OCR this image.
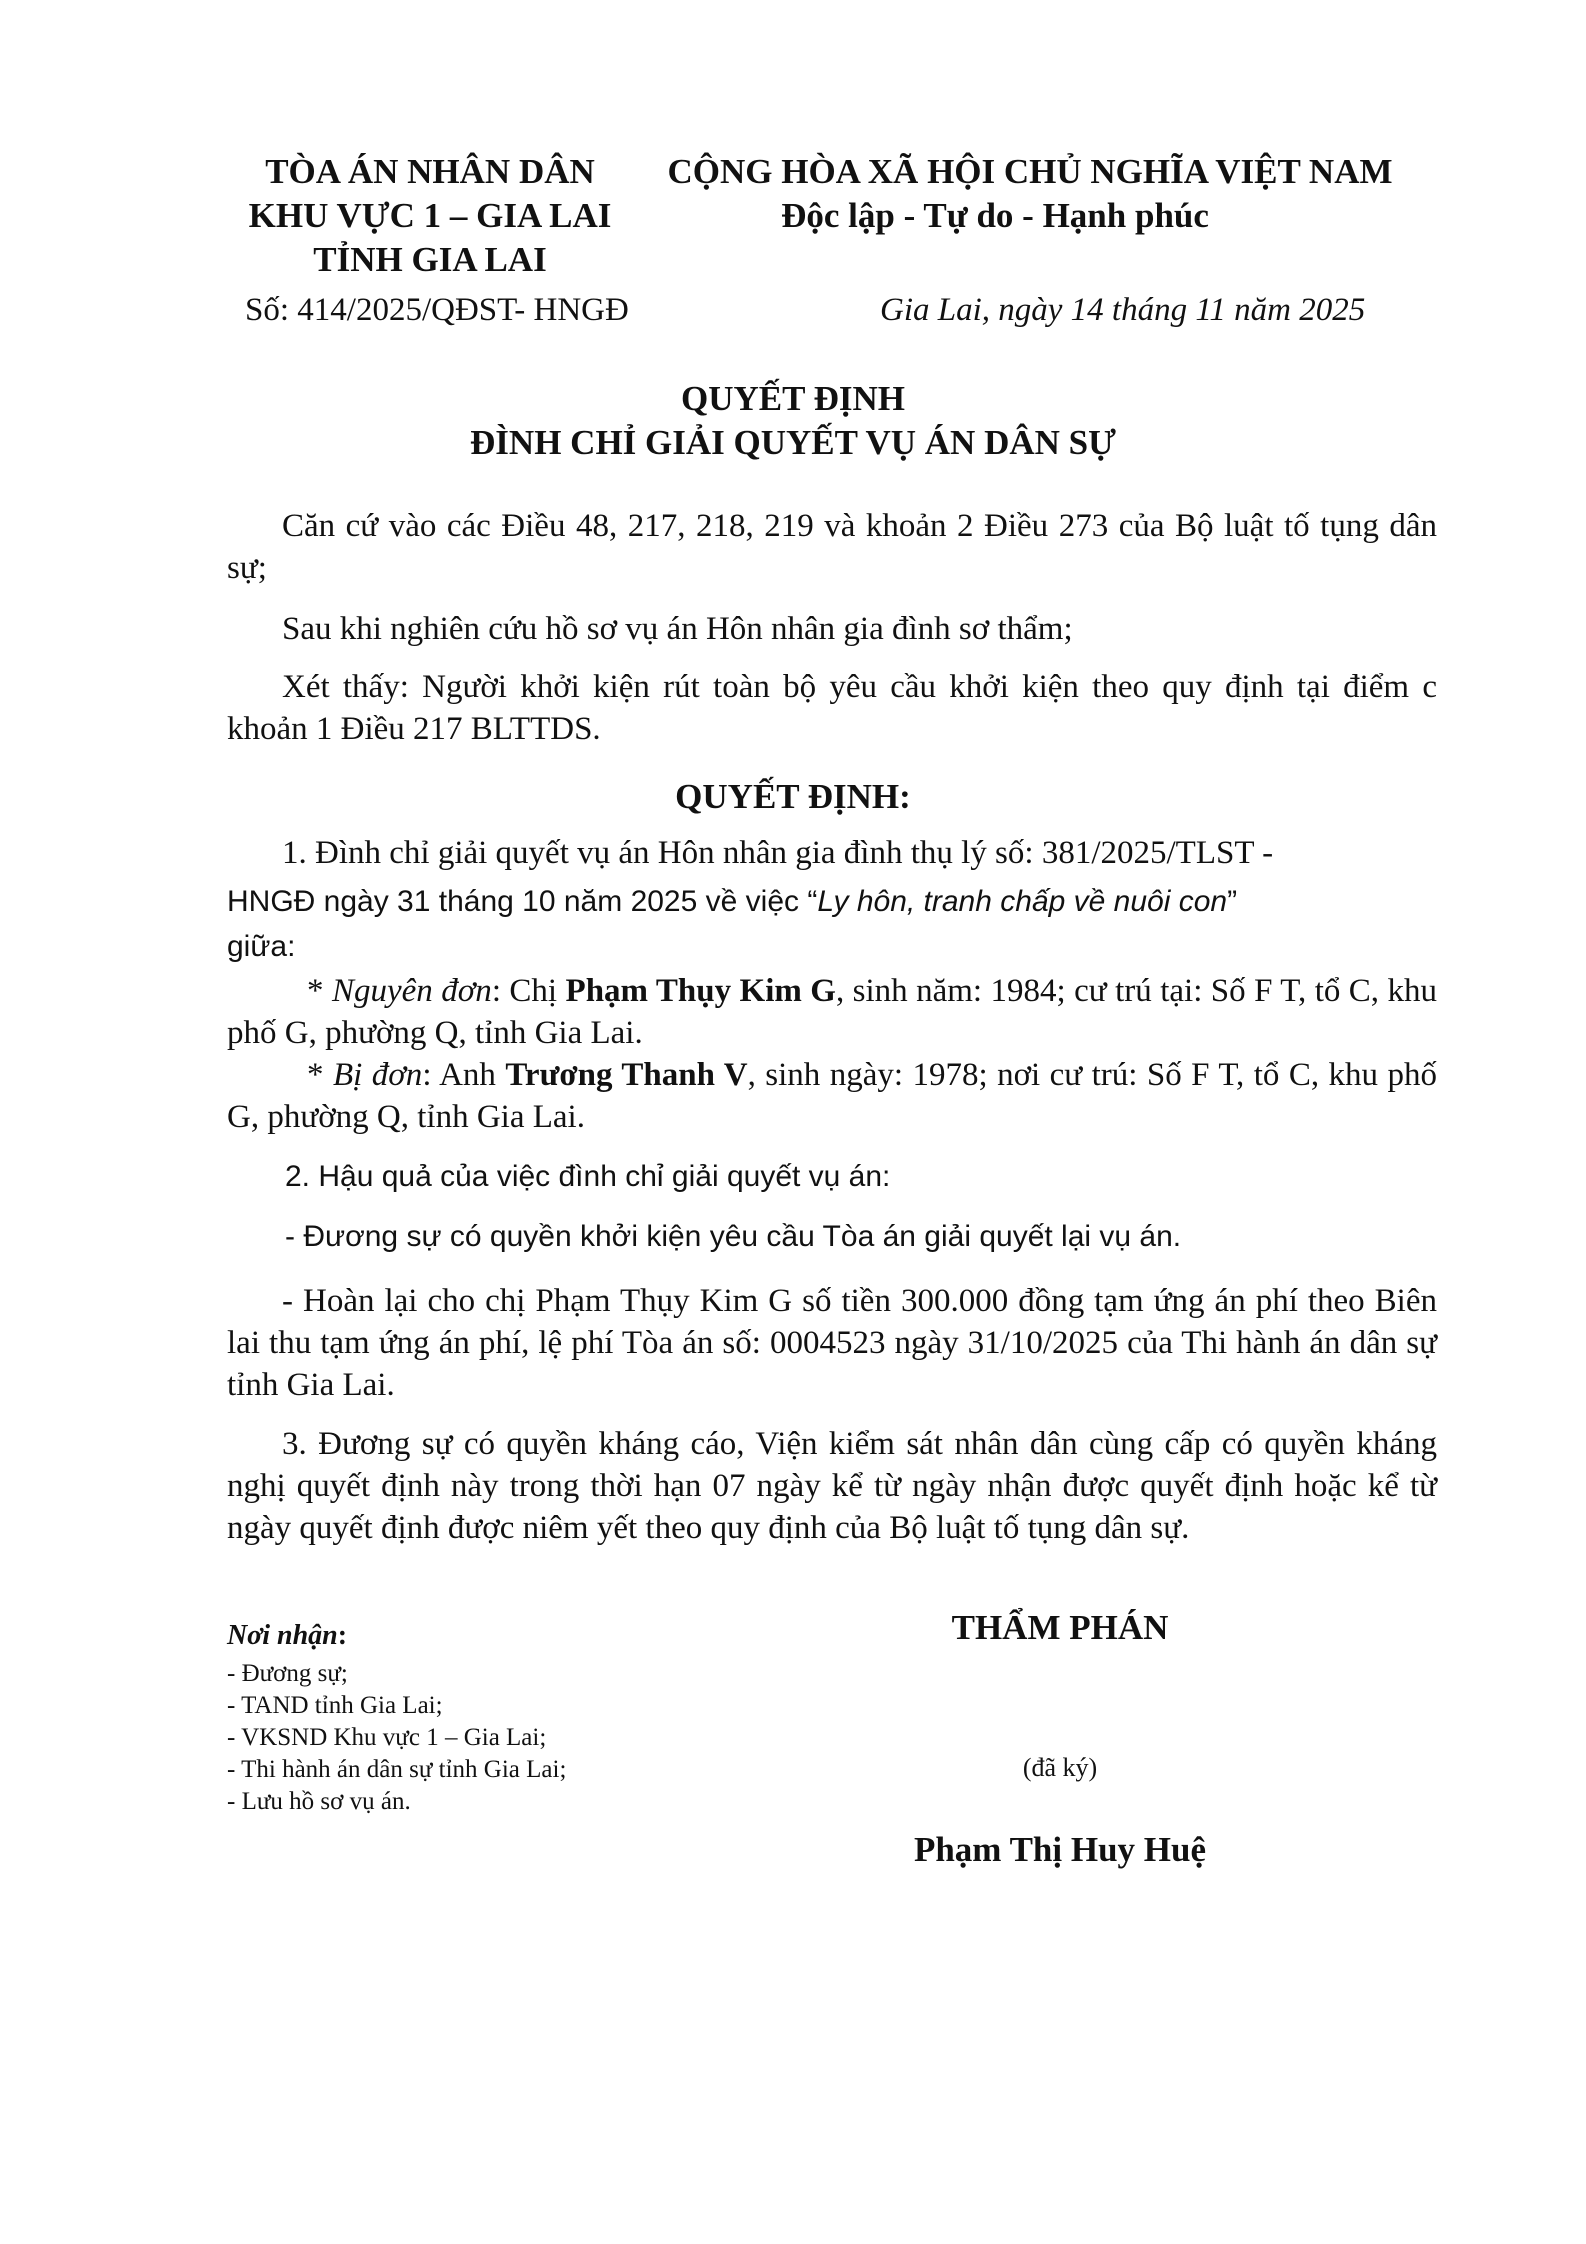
TÒA ÁN NHÂN DÂN
KHU VỰC 1 – GIA LAI
TỈNH GIA LAI
CỘNG HÒA XÃ HỘI CHỦ NGHĨA VIỆT NAM
Độc lập - Tự do - Hạnh phúc
Số: 414/2025/QĐST- HNGĐ	Gia Lai, ngày 14 tháng 11 năm 2025
QUYẾT ĐỊNH
ĐÌNH CHỈ GIẢI QUYẾT VỤ ÁN DÂN SỰ
Căn cứ vào các Điều 48, 217, 218, 219 và khoản 2 Điều 273 của Bộ luật tố tụng dân sự;
Sau khi nghiên cứu hồ sơ vụ án Hôn nhân gia đình sơ thẩm;
Xét thấy: Người khởi kiện rút toàn bộ yêu cầu khởi kiện theo quy định tại điểm c khoản 1 Điều 217 BLTTDS.
QUYẾT ĐỊNH:
1. Đình chỉ giải quyết vụ án Hôn nhân gia đình thụ lý số: 381/2025/TLST -
HNGĐ ngày 31 tháng 10 năm 2025 về việc “Ly hôn, tranh chấp về nuôi con”
giữa:
* Nguyên đơn: Chị Phạm Thụy Kim G, sinh năm: 1984; cư trú tại: Số F T, tổ C, khu phố G, phường Q, tỉnh Gia Lai.
* Bị đơn: Anh Trương Thanh V, sinh ngày: 1978; nơi cư trú: Số F T, tổ C, khu phố G, phường Q, tỉnh Gia Lai.
2. Hậu quả của việc đình chỉ giải quyết vụ án:
- Đương sự có quyền khởi kiện yêu cầu Tòa án giải quyết lại vụ án.
- Hoàn lại cho chị Phạm Thụy Kim G số tiền 300.000 đồng tạm ứng án phí theo Biên lai thu tạm ứng án phí, lệ phí Tòa án số: 0004523 ngày 31/10/2025 của Thi hành án dân sự tỉnh Gia Lai.
3. Đương sự có quyền kháng cáo, Viện kiểm sát nhân dân cùng cấp có quyền kháng nghị quyết định này trong thời hạn 07 ngày kể từ ngày nhận được quyết định hoặc kể từ ngày quyết định được niêm yết theo quy định của Bộ luật tố tụng dân sự.
Nơi nhận:
- Đương sự;
- TAND tỉnh Gia Lai;
- VKSND Khu vực 1 – Gia Lai;
- Thi hành án dân sự tỉnh Gia Lai;
- Lưu hồ sơ vụ án.
THẨM PHÁN
(đã ký)
Phạm Thị Huy Huệ
